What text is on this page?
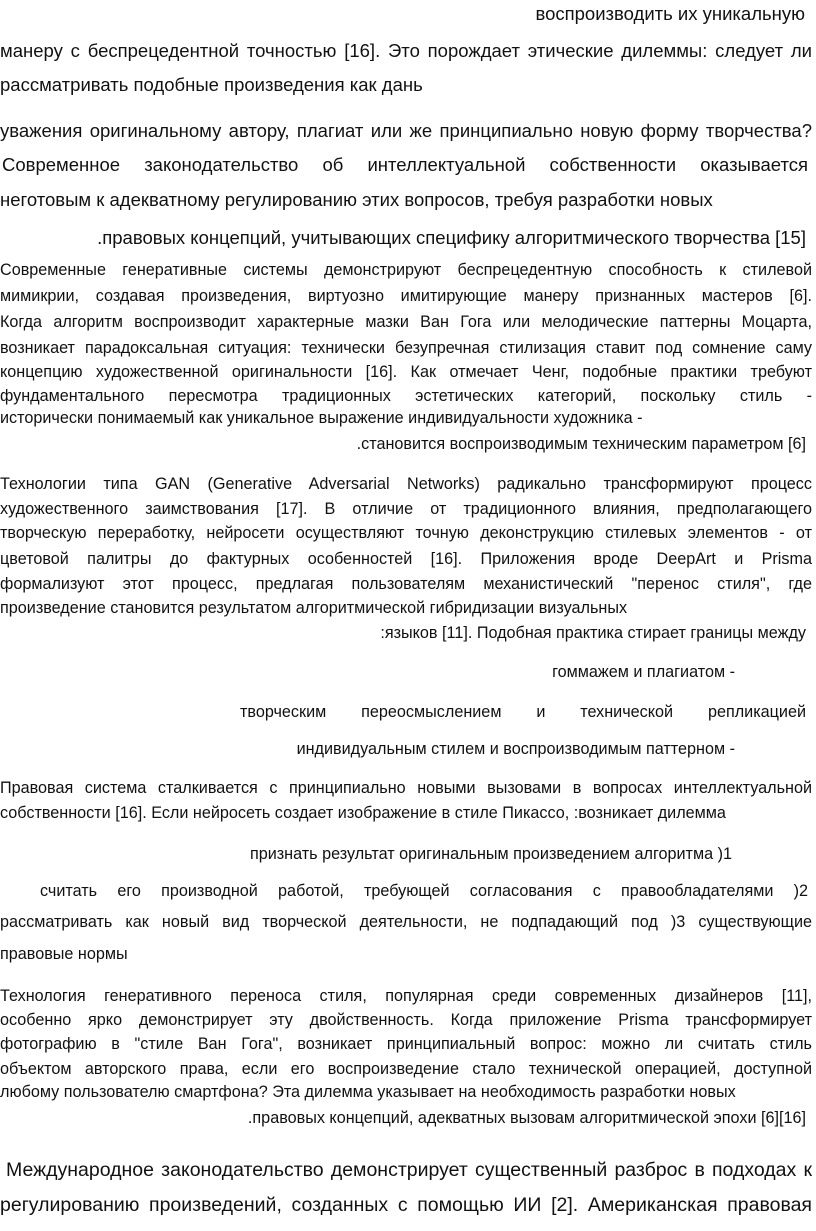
воспроизводить их уникальную
манеру с беспрецедентной точностью [16]. Это порождает этические дилеммы: следует ли
рассматривать подобные произведения как дань
уважения оригинальному автору, плагиат или же принципиально новую форму творчества?
Современное законодательство об интеллектуальной собственности оказывается
неготовым к адекватному регулированию этих вопросов, требуя разработки новых
.правовых концепций, учитывающих специфику алгоритмического творчества [15]
Современные генеративные системы демонстрируют беспрецедентную способность к стилевой
мимикрии, создавая произведения, виртуозно имитирующие манеру признанных мастеров [6].
Когда алгоритм воспроизводит характерные мазки Ван Гога или мелодические паттерны Моцарта,
возникает парадоксальная ситуация: технически безупречная стилизация ставит под сомнение саму
концепцию художественной оригинальности [16]. Как отмечает Ченг, подобные практики требуют
фундаментального пересмотра традиционных эстетических категорий, поскольку стиль -
исторически понимаемый как уникальное выражение индивидуальности художника -
.становится воспроизводимым техническим параметром [6]
Технологии типа GAN (Generative Adversarial Networks) радикально трансформируют процесс
художественного заимствования [17]. В отличие от традиционного влияния, предполагающего
творческую переработку, нейросети осуществляют точную деконструкцию стилевых элементов - от
цветовой палитры до фактурных особенностей [16]. Приложения вроде DeepArt и Prisma
формализуют этот процесс, предлагая пользователям механистический "перенос стиля", где
произведение становится результатом алгоритмической гибридизации визуальных
:языков [11]. Подобная практика стирает границы между
гоммажем и плагиатом -
творческим переосмыслением и технической репликацией
индивидуальным стилем и воспроизводимым паттерном -
Правовая система сталкивается с принципиально новыми вызовами в вопросах интеллектуальной
собственности [16]. Если нейросеть создает изображение в стиле Пикассо, :возникает дилемма
признать результат оригинальным произведением алгоритма )1
считать его производной работой, требующей согласования с правообладателями )2
рассматривать как новый вид творческой деятельности, не подпадающий под )3 существующие
правовые нормы
Технология генеративного переноса стиля, популярная среди современных дизайнеров [11],
особенно ярко демонстрирует эту двойственность. Когда приложение Prisma трансформирует
фотографию в "стиле Ван Гога", возникает принципиальный вопрос: можно ли считать стиль
объектом авторского права, если его воспроизведение стало технической операцией, доступной
любому пользователю смартфона? Эта дилемма указывает на необходимость разработки новых
.правовых концепций, адекватных вызовам алгоритмической эпохи [6][16]
Международное законодательство демонстрирует существенный разброс в подходах к
регулированию произведений, созданных с помощью ИИ [2]. Американская правовая
